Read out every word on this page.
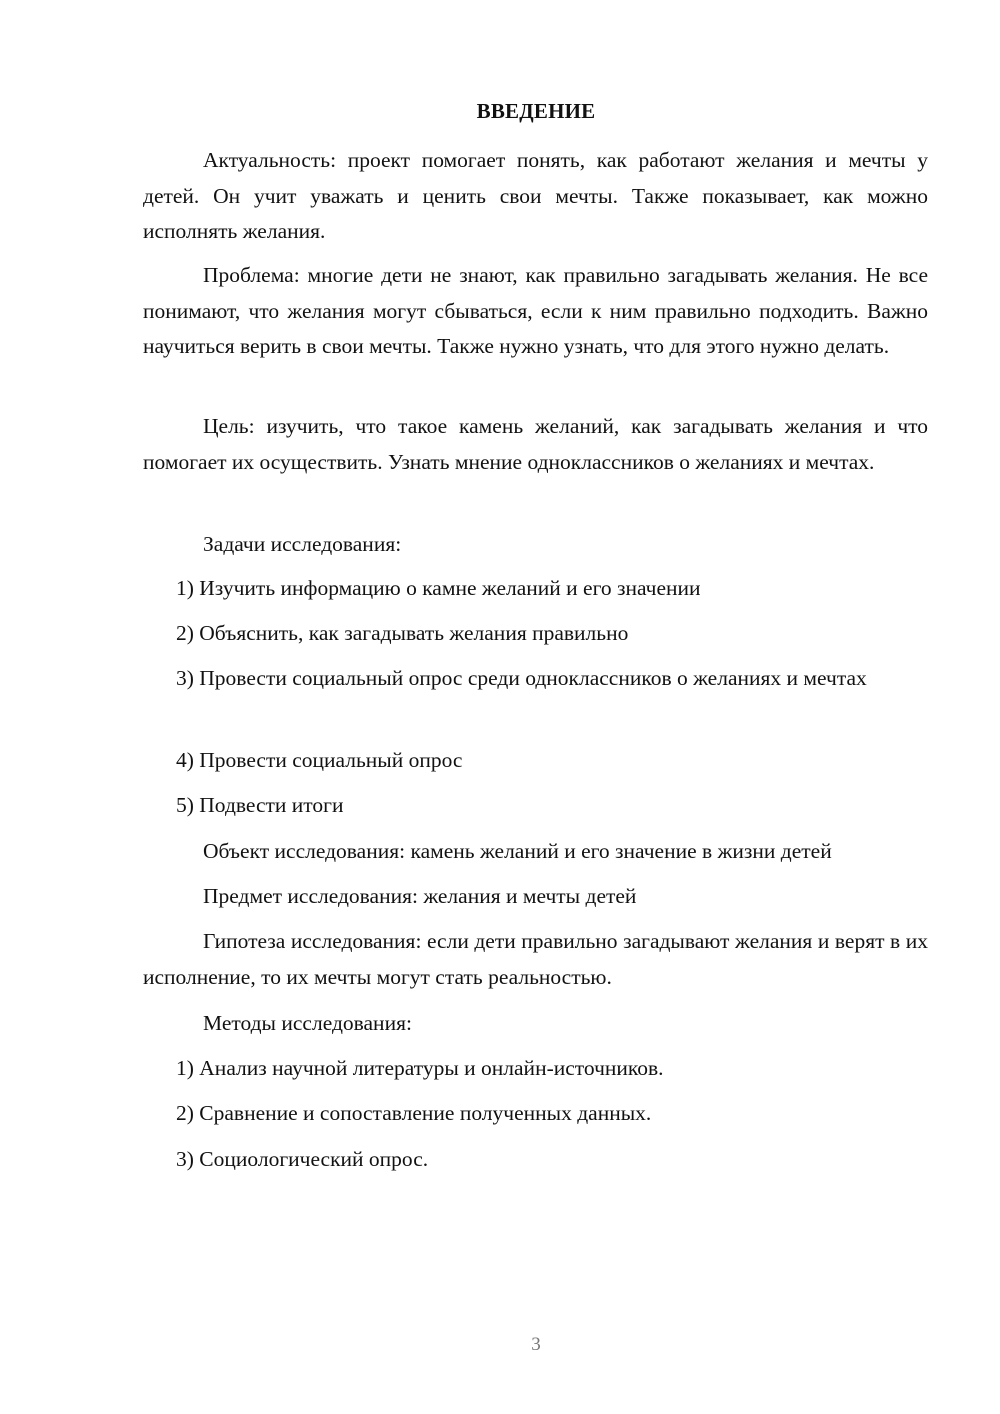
ВВЕДЕНИЕ

Актуальность: проект помогает понять, как работают желания и мечты у детей. Он учит уважать и ценить свои мечты. Также показывает, как можно исполнять желания.

Проблема: многие дети не знают, как правильно загадывать желания. Не все понимают, что желания могут сбываться, если к ним правильно подходить. Важно научиться верить в свои мечты. Также нужно узнать, что для этого нужно делать.

Цель: изучить, что такое камень желаний, как загадывать желания и что помогает их осуществить. Узнать мнение одноклассников о желаниях и мечтах.

Задачи исследования:

1) Изучить информацию о камне желаний и его значении

2) Объяснить, как загадывать желания правильно

3) Провести социальный опрос среди одноклассников о желаниях и мечтах

4) Провести социальный опрос

5) Подвести итоги

Объект исследования: камень желаний и его значение в жизни детей

Предмет исследования: желания и мечты детей

Гипотеза исследования: если дети правильно загадывают желания и верят в их исполнение, то их мечты могут стать реальностью.

Методы исследования:

1) Анализ научной литературы и онлайн-источников.

2) Сравнение и сопоставление полученных данных.

3) Социологический опрос.

3
